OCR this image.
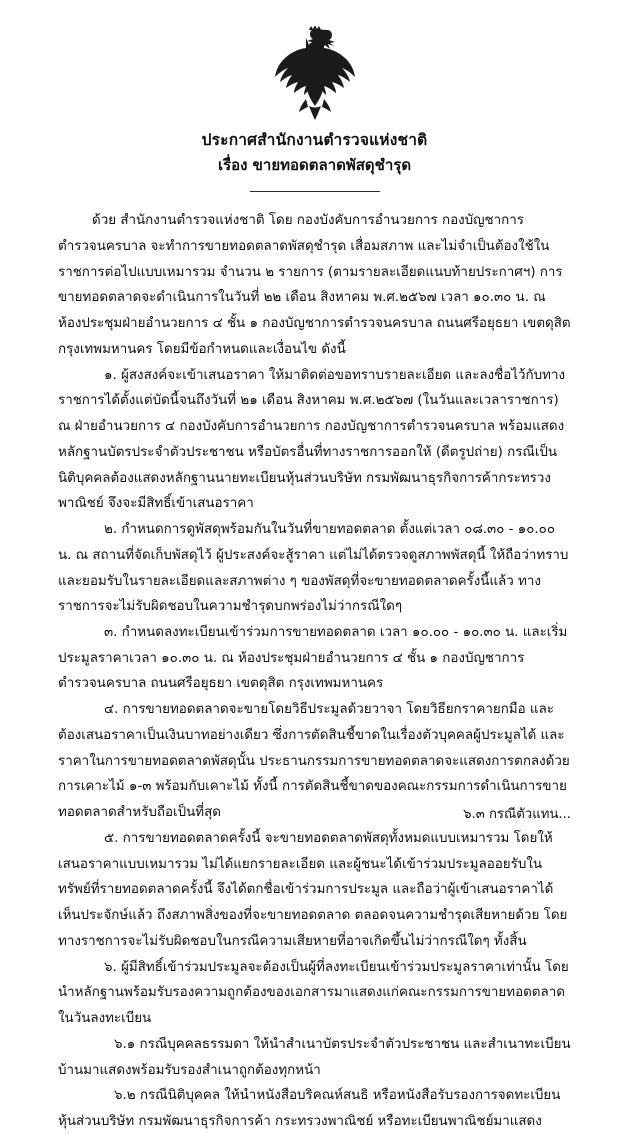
ประกาศสำนักงานตำรวจแห่งชาติ
เรื่อง ขายทอดตลาดพัสดุชำรุด

ด้วย สำนักงานตำรวจแห่งชาติ โดย กองบังคับการอำนวยการ กองบัญชาการตำรวจนครบาล จะทำการขายทอดตลาดพัสดุชำรุด เสื่อมสภาพ และไม่จำเป็นต้องใช้ในราชการต่อไปแบบเหมารวม จำนวน ๒ รายการ (ตามรายละเอียดแนบท้ายประกาศฯ) การขายทอดตลาดจะดำเนินการในวันที่ ๒๒ เดือน สิงหาคม พ.ศ.๒๕๖๗ เวลา ๑๐.๓๐ น. ณ ห้องประชุมฝ่ายอำนวยการ ๔ ชั้น ๑ กองบัญชาการตำรวจนครบาล ถนนศรีอยุธยา เขตดุสิต กรุงเทพมหานคร โดยมีข้อกำหนดและเงื่อนไข ดังนี้

๑. ผู้สงสงค์จะเข้าเสนอราคา ให้มาติดต่อขอทราบรายละเอียด และลงชื่อไว้กับทางราชการได้ตั้งแต่บัดนี้จนถึงวันที่ ๒๑ เดือน สิงหาคม พ.ศ.๒๕๖๗ (ในวันและเวลาราชการ) ณ ฝ่ายอำนวยการ ๔ กองบังคับการอำนวยการ กองบัญชาการตำรวจนครบาล พร้อมแสดงหลักฐานบัตรประจำตัวประชาชน หรือบัตรอื่นที่ทางราชการออกให้ (ดีตรูปถ่าย) กรณีเป็นนิติบุคคลต้องแสดงหลักฐานนายทะเบียนหุ้นส่วนบริษัท กรมพัฒนาธุรกิจการค้ากระทรวงพาณิชย์ จึงจะมีสิทธิ์เข้าเสนอราคา

๒. กำหนดการดูพัสดุพร้อมกันในวันที่ขายทอดตลาด ตั้งแต่เวลา ๐๘.๓๐ - ๑๐.๐๐ น. ณ สถานที่จัดเก็บพัสดุไว้ ผู้ประสงค์จะสู้ราคา แต่ไม่ได้ตรวจดูสภาพพัสดุนี้ ให้ถือว่าทราบและยอมรับในรายละเอียดและสภาพต่าง ๆ ของพัสดุที่จะขายทอดตลาดครั้งนี้แล้ว ทางราชการจะไม่รับผิดชอบในความชำรุดบกพร่องไม่ว่ากรณีใดๆ

๓. กำหนดลงทะเบียนเข้าร่วมการขายทอดตลาด เวลา ๑๐.๐๐ - ๑๐.๓๐ น. และเริ่มประมูลราคาเวลา ๑๐.๓๐ น. ณ ห้องประชุมฝ่ายอำนวยการ ๔ ชั้น ๑ กองบัญชาการตำรวจนครบาล ถนนศรีอยุธยา เขตดุสิต กรุงเทพมหานคร

๔. การขายทอดตลาดจะขายโดยวิธีประมูลด้วยวาจา โดยวิธียกราคายกมือ และต้องเสนอราคาเป็นเงินบาทอย่างเดียว ซึ่งการตัดสินชี้ขาดในเรื่องตัวบุคคลผู้ประมูลได้ และราคาในการขายทอดตลาดพัสดุนั้น ประธานกรรมการขายทอดตลาดจะแสดงการตกลงด้วยการเคาะไม้ ๑-๓ พร้อมกับเคาะไม้ ทั้งนี้ การตัดสินชี้ขาดของคณะกรรมการดำเนินการขายทอดตลาดสำหรับถือเป็นที่สุด

๕. การขายทอดตลาดครั้งนี้ จะขายทอดตลาดพัสดุทั้งหมดแบบเหมารวม โดยให้เสนอราคาแบบเหมารวม ไม่ได้แยกรายละเอียด และผู้ชนะได้เข้าร่วมประมูลออยรับในทรัพย์ที่รายทอดตลาดครั้งนี้ จึงได้ตกชื่อเข้าร่วมการประมูล และถือว่าผู้เข้าเสนอราคาได้เห็นประจักษ์แล้ว ถึงสภาพสิ่งของที่จะขายทอดตลาด ตลอดจนความชำรุดเสียหายด้วย โดยทางราชการจะไม่รับผิดชอบในกรณีความเสียหายที่อาจเกิดขึ้นไม่ว่ากรณีใดๆ ทั้งสิ้น

๖. ผู้มีสิทธิ์เข้าร่วมประมูลจะต้องเป็นผู้ที่ลงทะเบียนเข้าร่วมประมูลราคาเท่านั้น โดยนำหลักฐานพร้อมรับรองความถูกต้องของเอกสารมาแสดงแก่คณะกรรมการขายทอดตลาดในวันลงทะเบียน

๖.๑ กรณีบุคคลธรรมดา ให้นำสำเนาบัตรประจำตัวประชาชน และสำเนาทะเบียนบ้านมาแสดงพร้อมรับรองสำเนาถูกต้องทุกหน้า

๖.๒ กรณีนิติบุคคล ให้นำหนังสือบริคณห์สนธิ หรือหนังสือรับรองการจดทะเบียนหุ้นส่วนบริษัท กรมพัฒนาธุรกิจการค้า กระทรวงพาณิชย์ หรือทะเบียนพาณิชย์มาแสดง

๖.๓ กรณีตัวแทน...
